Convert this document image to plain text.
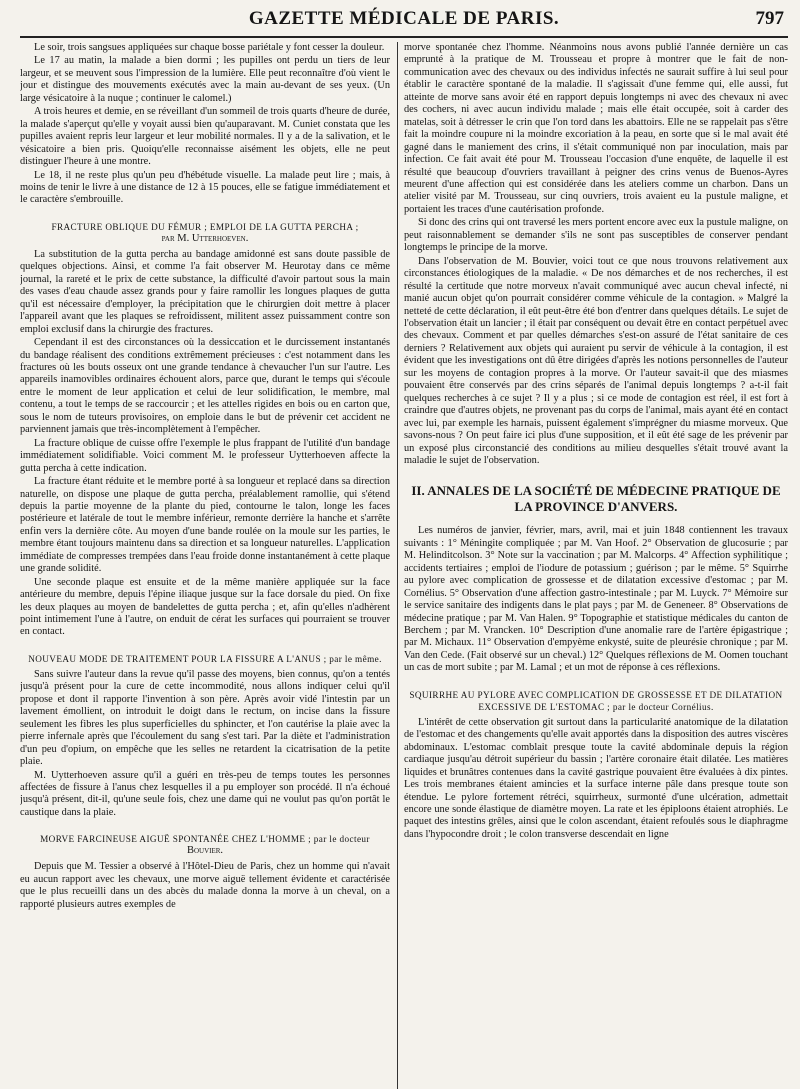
GAZETTE MÉDICALE DE PARIS.	797

Le soir, trois sangsues appliquées sur chaque bosse pariétale y font cesser la douleur.

Le 17 au matin, la malade a bien dormi ; les pupilles ont perdu un tiers de leur largeur, et se meuvent sous l'impression de la lumière. Elle peut reconnaître d'où vient le jour et distingue des mouvements exécutés avec la main au-devant de ses yeux. (Un large vésicatoire à la nuque ; continuer le calomel.)

A trois heures et demie, en se réveillant d'un sommeil de trois quarts d'heure de durée, la malade s'aperçut qu'elle y voyait aussi bien qu'auparavant. M. Cuniet constata que les pupilles avaient repris leur largeur et leur mobilité normales. Il y a de la salivation, et le vésicatoire a bien pris. Quoiqu'elle reconnaisse aisément les objets, elle ne peut distinguer l'heure à une montre.

Le 18, il ne reste plus qu'un peu d'hébétude visuelle. La malade peut lire ; mais, à moins de tenir le livre à une distance de 12 à 15 pouces, elle se fatigue immédiatement et le caractère s'embrouille.

FRACTURE OBLIQUE DU FÉMUR ; EMPLOI DE LA GUTTA PERCHA ;
par M. Utterhoeven.

La substitution de la gutta percha au bandage amidonné est sans doute passible de quelques objections. Ainsi, et comme l'a fait observer M. Heurotay dans ce même journal, la rareté et le prix de cette substance, la difficulté d'avoir partout sous la main des vases d'eau chaude assez grands pour y faire ramollir les longues plaques de gutta qu'il est nécessaire d'employer, la précipitation que le chirurgien doit mettre à placer l'appareil avant que les plaques se refroidissent, militent assez puissamment contre son emploi exclusif dans la chirurgie des fractures.

Cependant il est des circonstances où la dessiccation et le durcissement instantanés du bandage réalisent des conditions extrêmement précieuses : c'est notamment dans les fractures où les bouts osseux ont une grande tendance à chevaucher l'un sur l'autre. Les appareils inamovibles ordinaires échouent alors, parce que, durant le temps qui s'écoule entre le moment de leur application et celui de leur solidification, le membre, mal contenu, a tout le temps de se raccourcir ; et les attelles rigides en bois ou en carton que, sous le nom de tuteurs provisoires, on emploie dans le but de prévenir cet accident ne parviennent jamais que très-incomplètement à l'empêcher.

La fracture oblique de cuisse offre l'exemple le plus frappant de l'utilité d'un bandage immédiatement solidifiable. Voici comment M. le professeur Uytterhoeven affecte la gutta percha à cette indication.

La fracture étant réduite et le membre porté à sa longueur et replacé dans sa direction naturelle, on dispose une plaque de gutta percha, préalablement ramollie, qui s'étend depuis la partie moyenne de la plante du pied, contourne le talon, longe les faces postérieure et latérale de tout le membre inférieur, remonte derrière la hanche et s'arrête enfin vers la dernière côte. Au moyen d'une bande roulée on la moule sur les parties, le membre étant toujours maintenu dans sa direction et sa longueur naturelles. L'application immédiate de compresses trempées dans l'eau froide donne instantanément à cette plaque une grande solidité.

Une seconde plaque est ensuite et de la même manière appliquée sur la face antérieure du membre, depuis l'épine iliaque jusque sur la face dorsale du pied. On fixe les deux plaques au moyen de bandelettes de gutta percha ; et, afin qu'elles n'adhèrent point intimement l'une à l'autre, on enduit de cérat les surfaces qui pourraient se trouver en contact.

NOUVEAU MODE DE TRAITEMENT POUR LA FISSURE A L'ANUS ; par le même.

Sans suivre l'auteur dans la revue qu'il passe des moyens, bien connus, qu'on a tentés jusqu'à présent pour la cure de cette incommodité, nous allons indiquer celui qu'il propose et dont il rapporte l'invention à son père. Après avoir vidé l'intestin par un lavement émollient, on introduit le doigt dans le rectum, on incise dans la fissure seulement les fibres les plus superficielles du sphincter, et l'on cautérise la plaie avec la pierre infernale après que l'écoulement du sang s'est tari. Par la diète et l'administration d'un peu d'opium, on empêche que les selles ne retardent la cicatrisation de la petite plaie.

M. Uytterhoeven assure qu'il a guéri en très-peu de temps toutes les personnes affectées de fissure à l'anus chez lesquelles il a pu employer son procédé. Il n'a échoué jusqu'à présent, dit-il, qu'une seule fois, chez une dame qui ne voulut pas qu'on portât le caustique dans la plaie.

MORVE FARCINEUSE AIGUË SPONTANÉE CHEZ L'HOMME ; par le docteur
Bouvier.

Depuis que M. Tessier a observé à l'Hôtel-Dieu de Paris, chez un homme qui n'avait eu aucun rapport avec les chevaux, une morve aiguë tellement évidente et caractérisée que le plus recueilli dans un des abcès du malade donna la morve à un cheval, on a rapporté plusieurs autres exemples de

morve spontanée chez l'homme. Néanmoins nous avons publié l'année dernière un cas emprunté à la pratique de M. Trousseau et propre à montrer que le fait de non-communication avec des chevaux ou des individus infectés ne saurait suffire à lui seul pour établir le caractère spontané de la maladie. Il s'agissait d'une femme qui, elle aussi, fut atteinte de morve sans avoir été en rapport depuis longtemps ni avec des chevaux ni avec des cochers, ni avec aucun individu malade ; mais elle était occupée, soit à carder des matelas, soit à détresser le crin que l'on tord dans les abattoirs. Elle ne se rappelait pas s'être fait la moindre coupure ni la moindre excoriation à la peau, en sorte que si le mal avait été gagné dans le maniement des crins, il s'était communiqué non par inoculation, mais par infection. Ce fait avait été pour M. Trousseau l'occasion d'une enquête, de laquelle il est résulté que beaucoup d'ouvriers travaillant à peigner des crins venus de Buenos-Ayres meurent d'une affection qui est considérée dans les ateliers comme un charbon. Dans un atelier visité par M. Trousseau, sur cinq ouvriers, trois avaient eu la pustule maligne, et portaient les traces d'une cautérisation profonde.

Si donc des crins qui ont traversé les mers portent encore avec eux la pustule maligne, on peut raisonnablement se demander s'ils ne sont pas susceptibles de conserver pendant longtemps le principe de la morve.

Dans l'observation de M. Bouvier, voici tout ce que nous trouvons relativement aux circonstances étiologiques de la maladie. « De nos démarches et de nos recherches, il est résulté la certitude que notre morveux n'avait communiqué avec aucun cheval infecté, ni manié aucun objet qu'on pourrait considérer comme véhicule de la contagion. » Malgré la netteté de cette déclaration, il eût peut-être été bon d'entrer dans quelques détails. Le sujet de l'observation était un lancier ; il était par conséquent ou devait être en contact perpétuel avec des chevaux. Comment et par quelles démarches s'est-on assuré de l'état sanitaire de ces derniers ? Relativement aux objets qui auraient pu servir de véhicule à la contagion, il est évident que les investigations ont dû être dirigées d'après les notions personnelles de l'auteur sur les moyens de contagion propres à la morve. Or l'auteur savait-il que des miasmes pouvaient être conservés par des crins séparés de l'animal depuis longtemps ? a-t-il fait quelques recherches à ce sujet ? Il y a plus ; si ce mode de contagion est réel, il est fort à craindre que d'autres objets, ne provenant pas du corps de l'animal, mais ayant été en contact avec lui, par exemple les harnais, puissent également s'imprégner du miasme morveux. Que savons-nous ? On peut faire ici plus d'une supposition, et il eût été sage de les prévenir par un exposé plus circonstancié des conditions au milieu desquelles s'était trouvé avant la maladie le sujet de l'observation.

II. ANNALES DE LA SOCIÉTÉ DE MÉDECINE PRATIQUE DE LA PROVINCE D'ANVERS.

Les numéros de janvier, février, mars, avril, mai et juin 1848 contiennent les travaux suivants : 1° Méningite compliquée ; par M. Van Hoof. 2° Observation de glucosurie ; par M. Helinditcolson. 3° Note sur la vaccination ; par M. Malcorps. 4° Affection syphilitique ; accidents tertiaires ; emploi de l'iodure de potassium ; guérison ; par le même. 5° Squirrhe au pylore avec complication de grossesse et de dilatation excessive d'estomac ; par M. Cornélius. 5° Observation d'une affection gastro-intestinale ; par M. Luyck. 7° Mémoire sur le service sanitaire des indigents dans le plat pays ; par M. de Geneneer. 8° Observations de médecine pratique ; par M. Van Halen. 9° Topographie et statistique médicales du canton de Berchem ; par M. Vrancken. 10° Description d'une anomalie rare de l'artère épigastrique ; par M. Michaux. 11° Observation d'empyème enkysté, suite de pleurésie chronique ; par M. Van den Cede. (Fait observé sur un cheval.) 12° Quelques réflexions de M. Oomen touchant un cas de mort subite ; par M. Lamal ; et un mot de réponse à ces réflexions.

SQUIRRHE AU PYLORE AVEC COMPLICATION DE GROSSESSE ET DE DILATATION
EXCESSIVE DE L'ESTOMAC ; par le docteur Cornélius.

L'intérêt de cette observation git surtout dans la particularité anatomique de la dilatation de l'estomac et des changements qu'elle avait apportés dans la disposition des autres viscères abdominaux. L'estomac comblait presque toute la cavité abdominale depuis la région cardiaque jusqu'au détroit supérieur du bassin ; l'artère coronaire était dilatée. Les matières liquides et brunâtres contenues dans la cavité gastrique pouvaient être évaluées à dix pintes. Les trois membranes étaient amincies et la surface interne pâle dans presque toute son étendue. Le pylore fortement rétréci, squirrheux, surmonté d'une ulcération, admettait encore une sonde élastique de diamètre moyen. La rate et les épiploons étaient atrophiés. Le paquet des intestins grêles, ainsi que le colon ascendant, étaient refoulés sous le diaphragme dans l'hypocondre droit ; le colon transverse descendait en ligne
